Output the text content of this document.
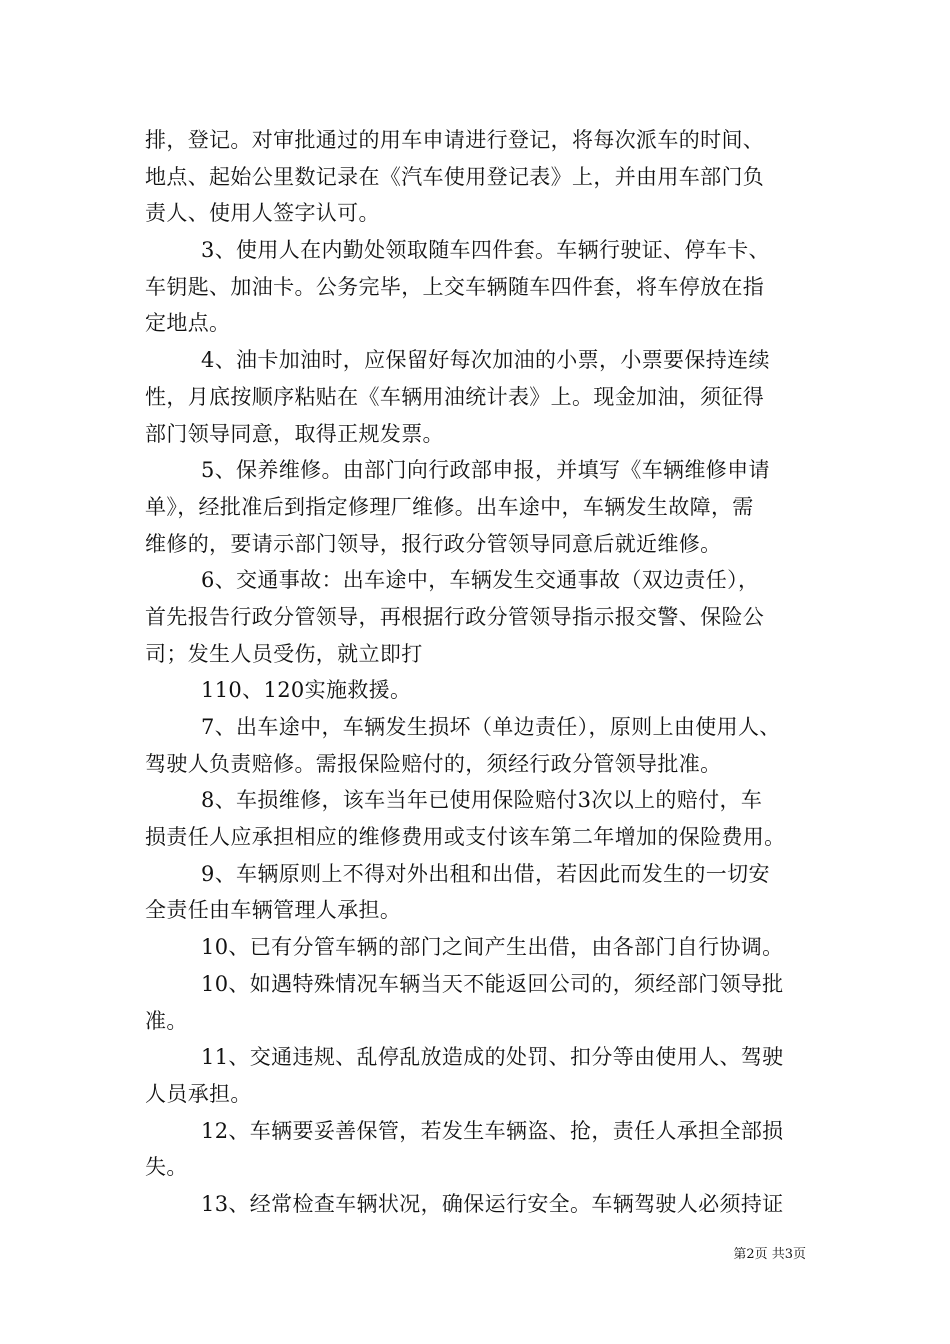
排，登记。对审批通过的用车申请进行登记，将每次派车的时间、
地点、起始公里数记录在《汽车使用登记表》上，并由用车部门负
责人、使用人签字认可。
3、使用人在内勤处领取随车四件套。车辆行驶证、停车卡、
车钥匙、加油卡。公务完毕，上交车辆随车四件套，将车停放在指
定地点。
4、油卡加油时，应保留好每次加油的小票，小票要保持连续
性，月底按顺序粘贴在《车辆用油统计表》上。现金加油，须征得
部门领导同意，取得正规发票。
5、保养维修。由部门向行政部申报，并填写《车辆维修申请
单》，经批准后到指定修理厂维修。出车途中，车辆发生故障，需
维修的，要请示部门领导，报行政分管领导同意后就近维修。
6、交通事故：出车途中，车辆发生交通事故（双边责任），
首先报告行政分管领导，再根据行政分管领导指示报交警、保险公
司；发生人员受伤，就立即打
110、120实施救援。
7、出车途中，车辆发生损坏（单边责任），原则上由使用人、
驾驶人负责赔修。需报保险赔付的，须经行政分管领导批准。
8、车损维修，该车当年已使用保险赔付3次以上的赔付，车
损责任人应承担相应的维修费用或支付该车第二年增加的保险费用。
9、车辆原则上不得对外出租和出借，若因此而发生的一切安
全责任由车辆管理人承担。
10、已有分管车辆的部门之间产生出借，由各部门自行协调。
10、如遇特殊情况车辆当天不能返回公司的，须经部门领导批
准。
11、交通违规、乱停乱放造成的处罚、扣分等由使用人、驾驶
人员承担。
12、车辆要妥善保管，若发生车辆盗、抢，责任人承担全部损
失。
13、经常检查车辆状况，确保运行安全。车辆驾驶人必须持证
第2页 共3页
